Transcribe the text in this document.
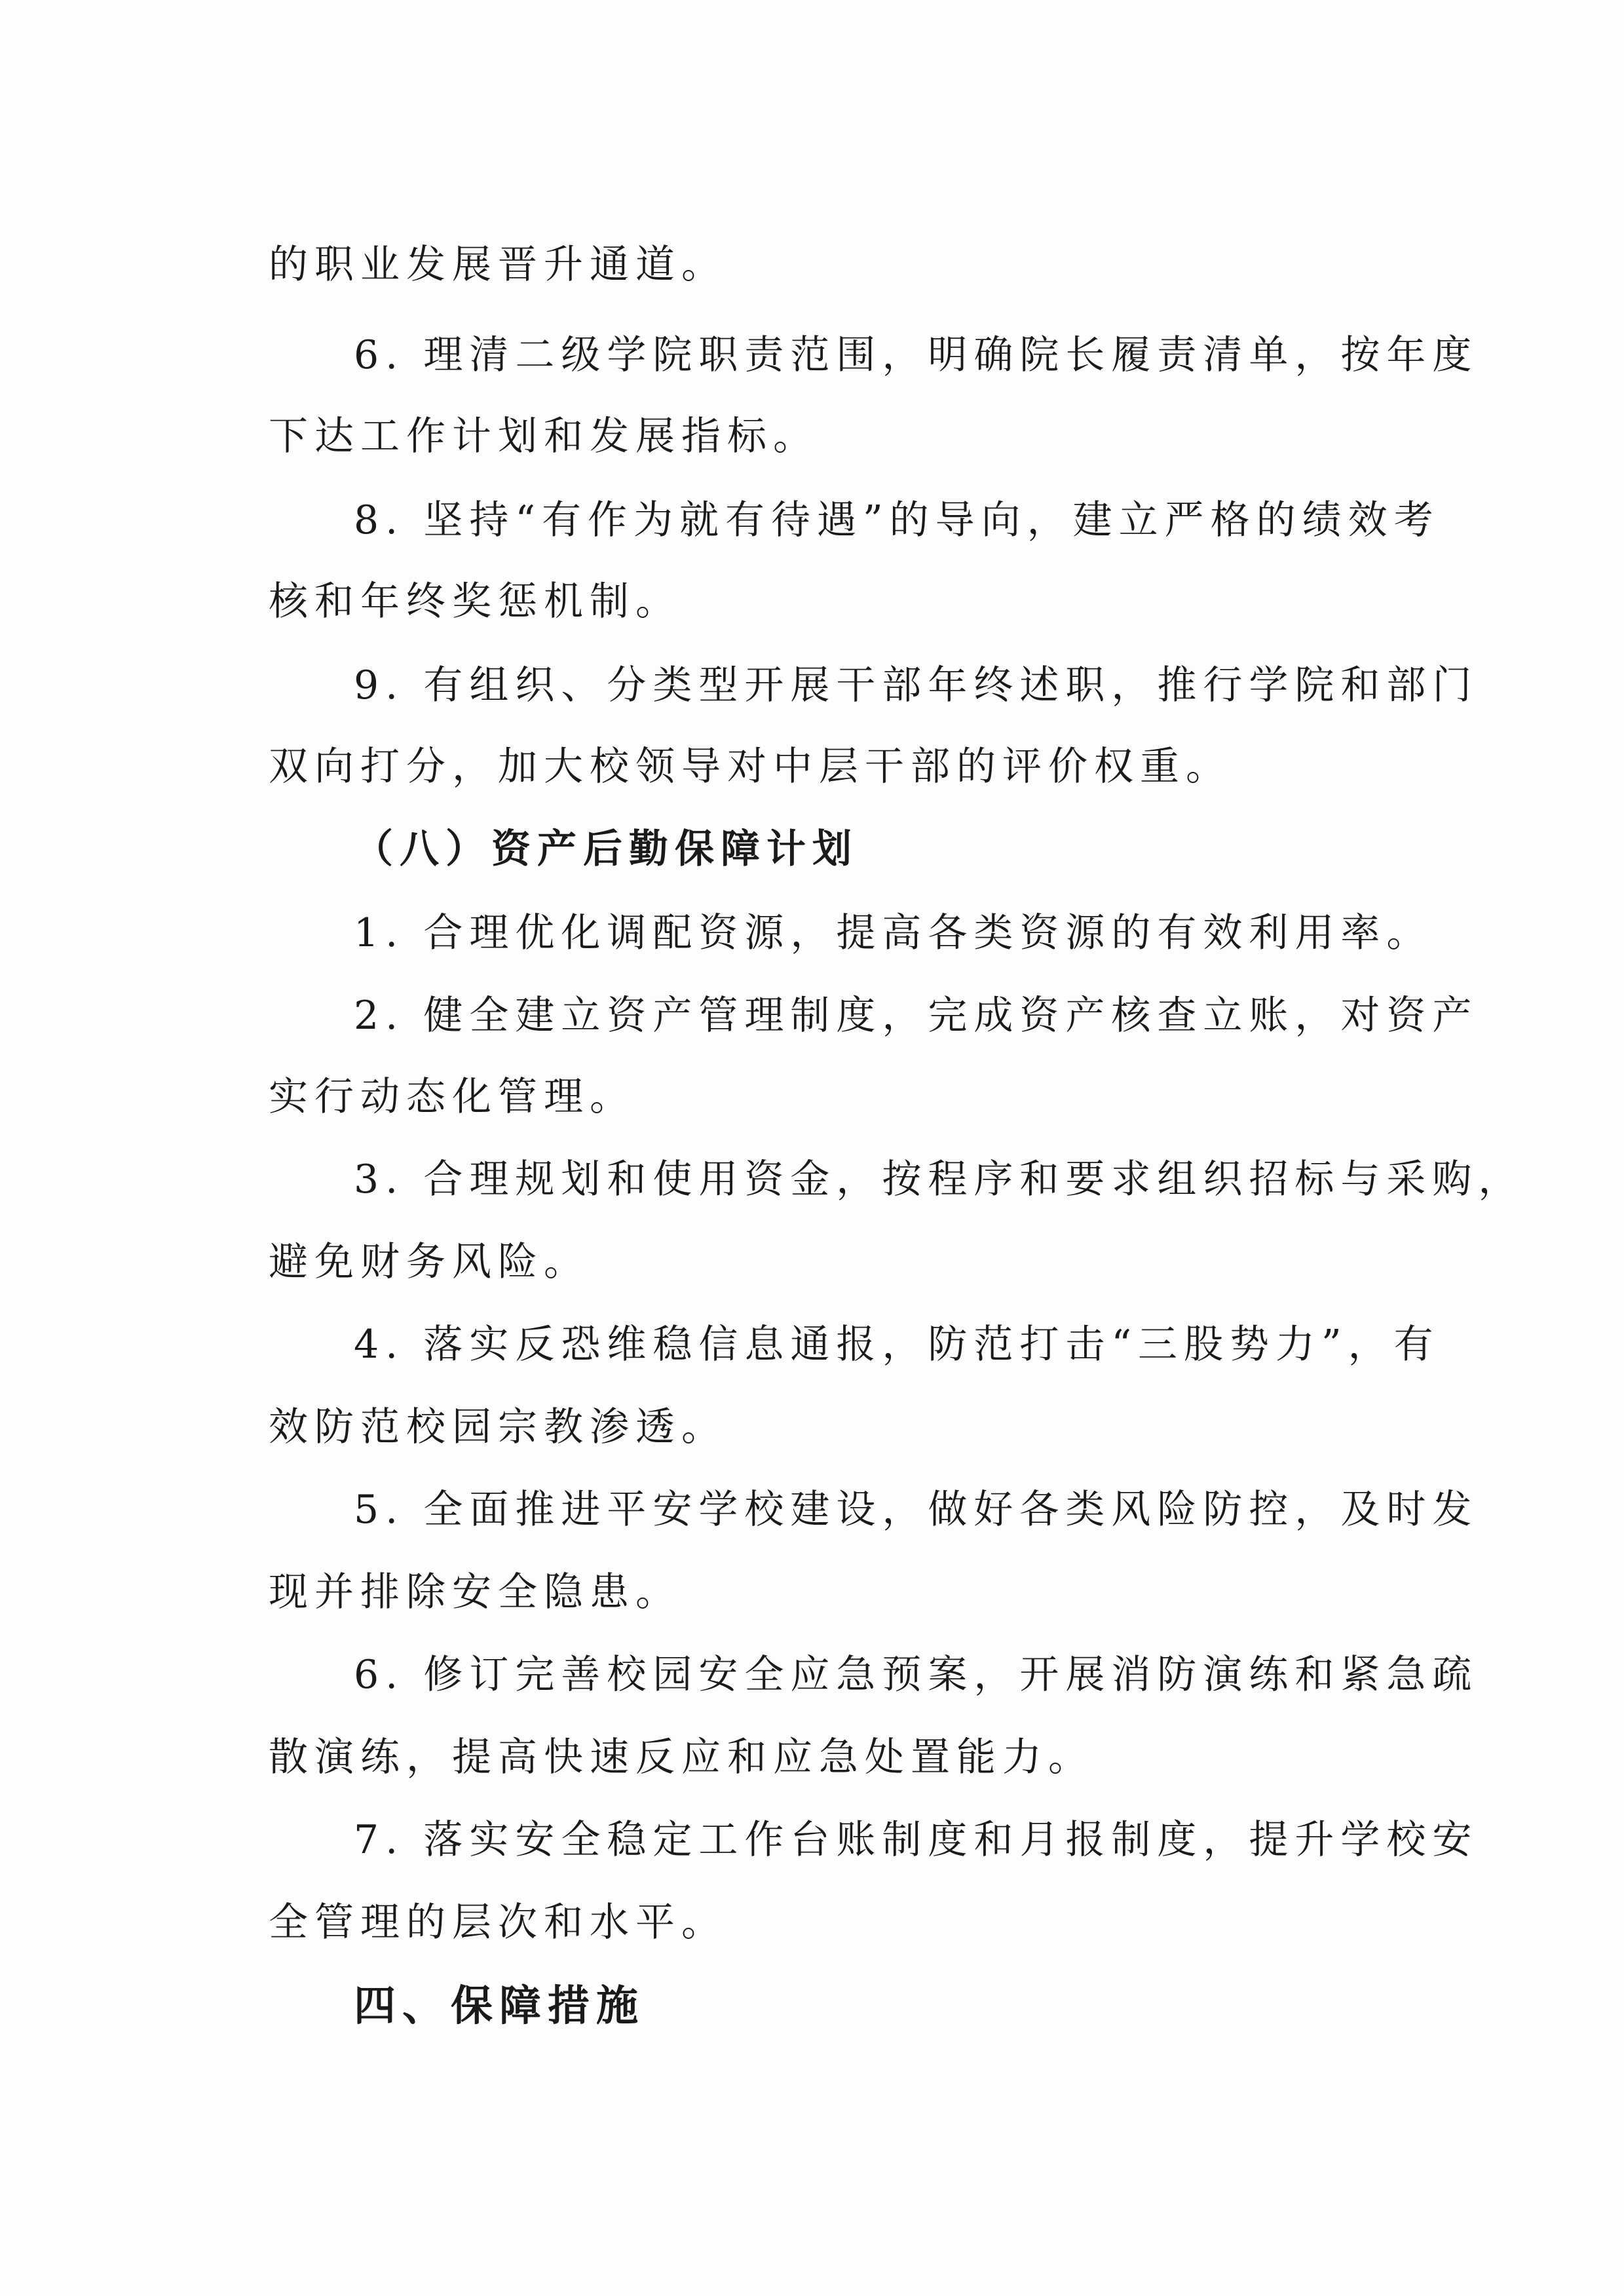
的职业发展晋升通道。
6. 理清二级学院职责范围，明确院长履责清单，按年度
下达工作计划和发展指标。
8. 坚持“有作为就有待遇”的导向，建立严格的绩效考
核和年终奖惩机制。
9. 有组织、分类型开展干部年终述职，推行学院和部门
双向打分，加大校领导对中层干部的评价权重。
（八）资产后勤保障计划
1. 合理优化调配资源，提高各类资源的有效利用率。
2. 健全建立资产管理制度，完成资产核查立账，对资产
实行动态化管理。
3. 合理规划和使用资金，按程序和要求组织招标与采购，
避免财务风险。
4. 落实反恐维稳信息通报，防范打击“三股势力”，有
效防范校园宗教渗透。
5. 全面推进平安学校建设，做好各类风险防控，及时发
现并排除安全隐患。
6. 修订完善校园安全应急预案，开展消防演练和紧急疏
散演练，提高快速反应和应急处置能力。
7. 落实安全稳定工作台账制度和月报制度，提升学校安
全管理的层次和水平。
四、保障措施
